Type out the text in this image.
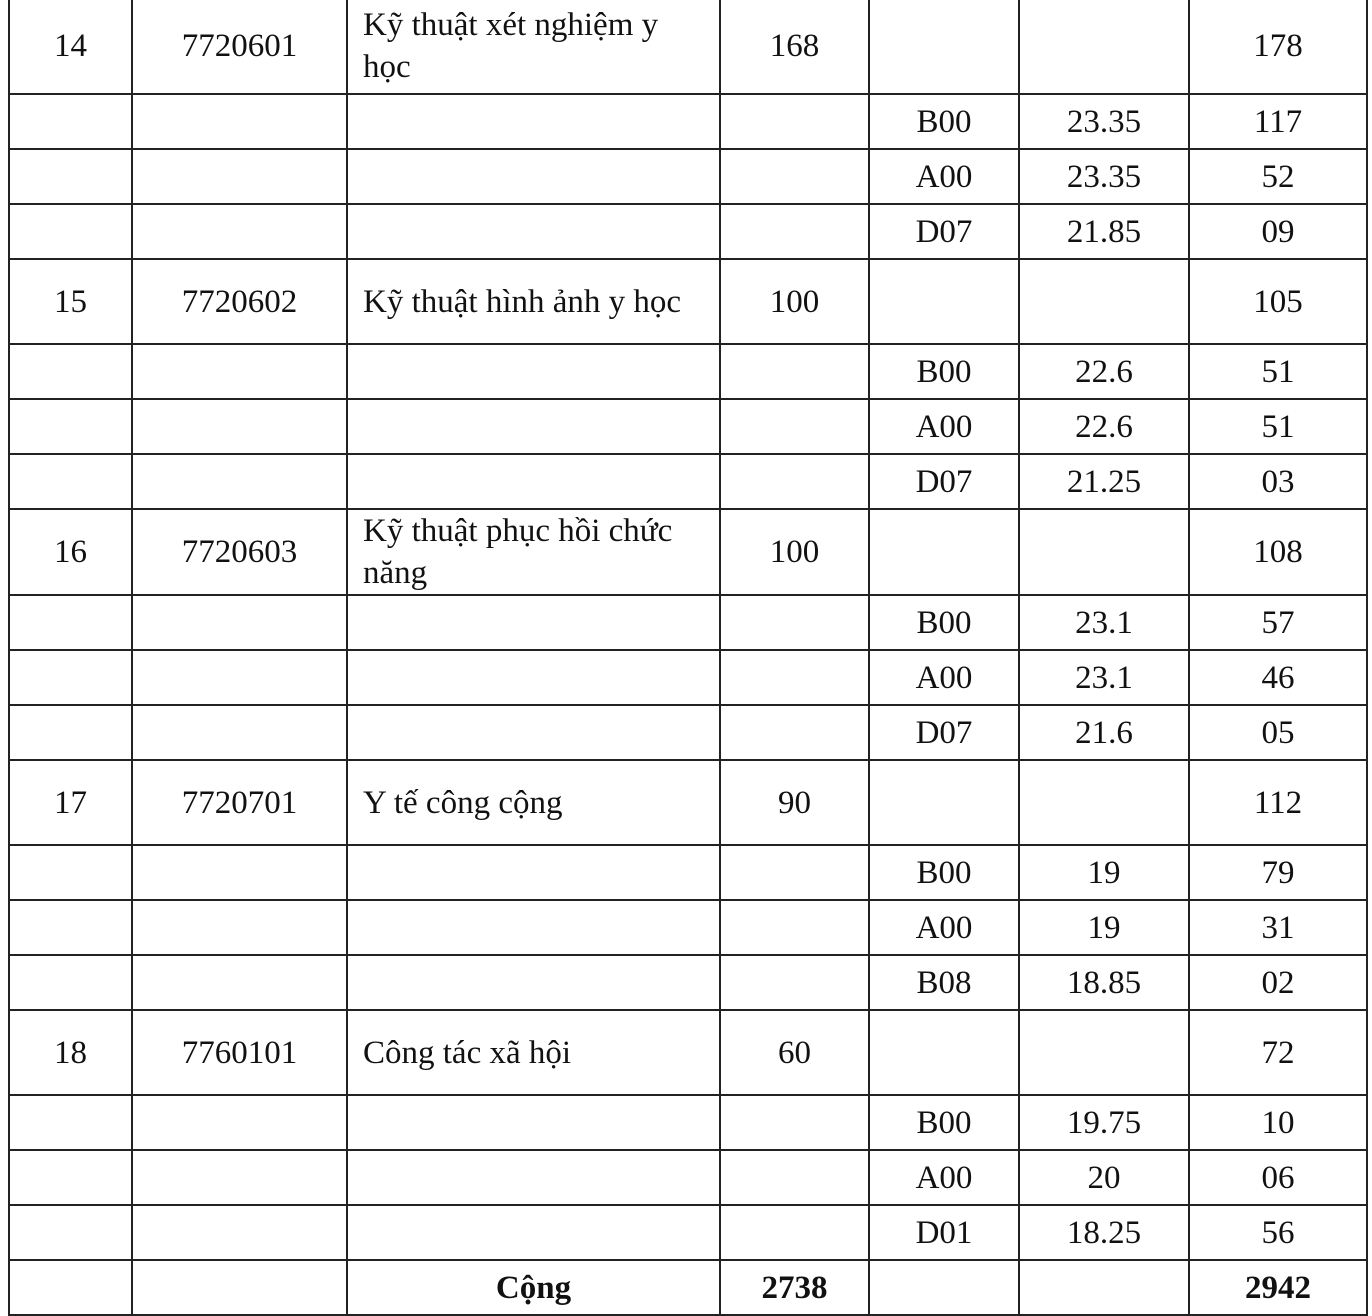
14	7720601	Kỹ thuật xét nghiệm y học	168			178
				B00	23.35	117
				A00	23.35	52
				D07	21.85	09
15	7720602	Kỹ thuật hình ảnh y học	100			105
				B00	22.6	51
				A00	22.6	51
				D07	21.25	03
16	7720603	Kỹ thuật phục hồi chức năng	100			108
				B00	23.1	57
				A00	23.1	46
				D07	21.6	05
17	7720701	Y tế công cộng	90			112
				B00	19	79
				A00	19	31
				B08	18.85	02
18	7760101	Công tác xã hội	60			72
				B00	19.75	10
				A00	20	06
				D01	18.25	56
		Cộng	2738			2942
